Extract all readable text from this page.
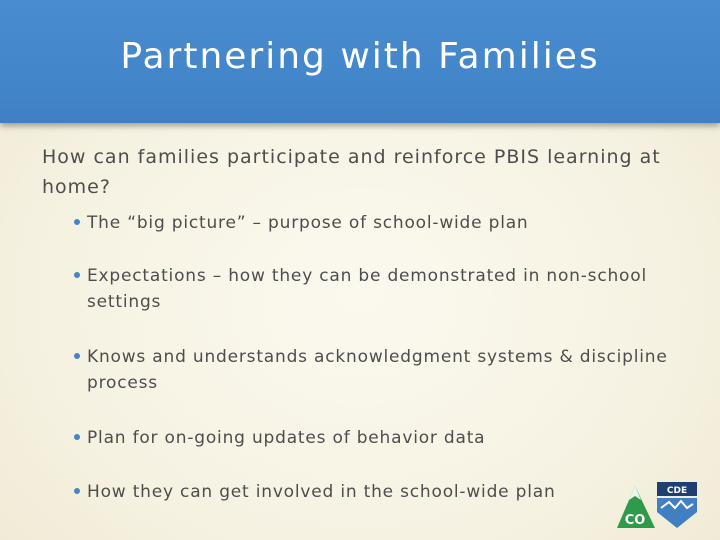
Partnering with Families
How can families participate and reinforce PBIS learning at home?
The “big picture” – purpose of school-wide plan
Expectations – how they can be demonstrated in non-school settings
Knows and understands acknowledgment systems & discipline process
Plan for on-going updates of behavior data
How they can get involved in the school-wide plan
CO
CDE
